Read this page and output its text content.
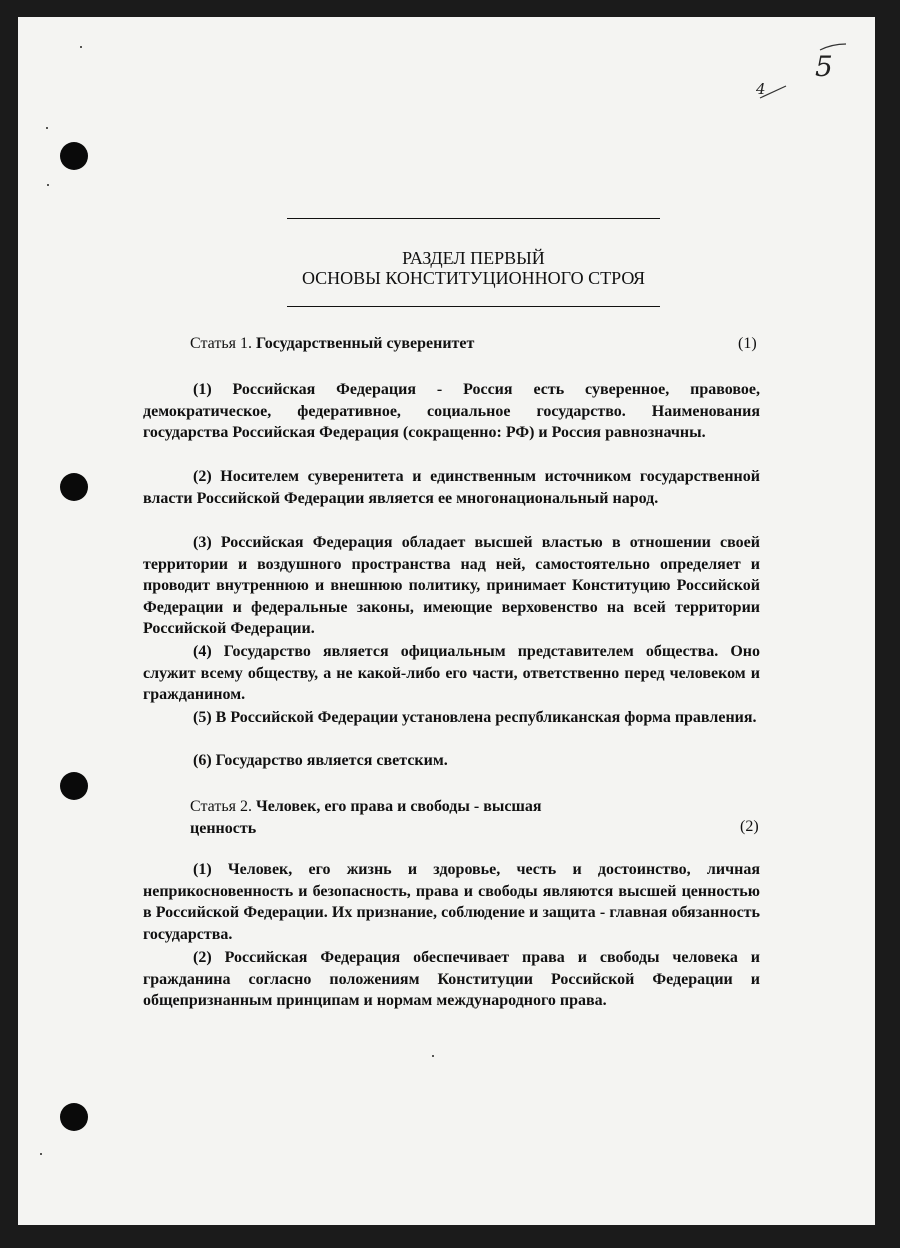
5
4
РАЗДЕЛ ПЕРВЫЙ
ОСНОВЫ КОНСТИТУЦИОННОГО СТРОЯ
Статья 1. Государственный суверенитет	(1)

(1) Российская Федерация - Россия есть суверенное, правовое, демократическое, федеративное, социальное государство. Наименования государства Российская Федерация (сокращенно: РФ) и Россия равнозначны.

(2) Носителем суверенитета и единственным источником государственной власти Российской Федерации является ее многонациональный народ.

(3) Российская Федерация обладает высшей властью в отношении своей территории и воздушного пространства над ней, самостоятельно определяет и проводит внутреннюю и внешнюю политику, принимает Конституцию Российской Федерации и федеральные законы, имеющие верховенство на всей территории Российской Федерации.

(4) Государство является официальным представителем общества. Оно служит всему обществу, а не какой-либо его части, ответственно перед человеком и гражданином.

(5) В Российской Федерации установлена республиканская форма правления.

(6) Государство является светским.

Статья 2. Человек, его права и свободы - высшая
ценность	(2)

(1) Человек, его жизнь и здоровье, честь и достоинство, личная неприкосновенность и безопасность, права и свободы являются высшей ценностью в Российской Федерации. Их признание, соблюдение и защита - главная обязанность государства.

(2) Российская Федерация обеспечивает права и свободы человека и гражданина согласно положениям Конституции Российской Федерации и общепризнанным принципам и нормам международного права.
